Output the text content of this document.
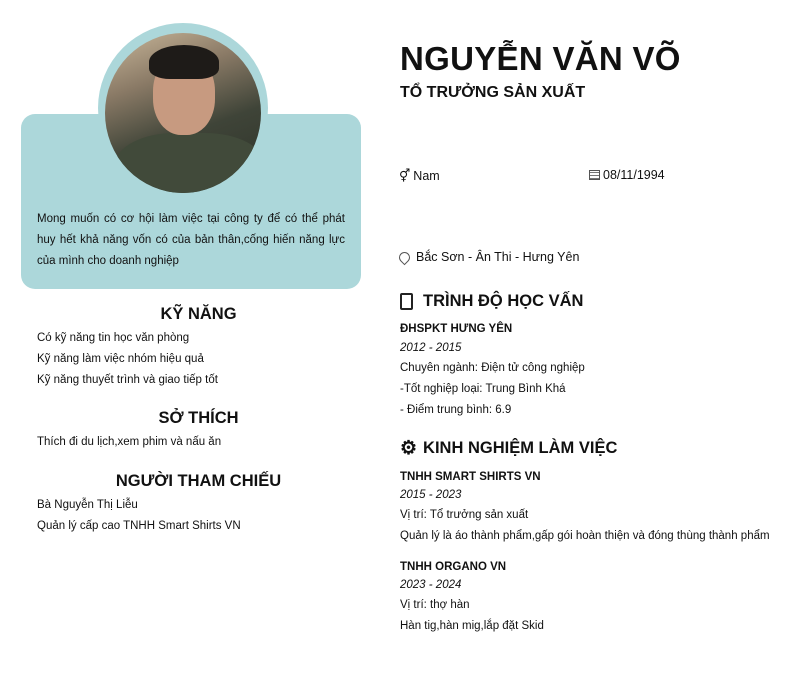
Mong muốn có cơ hội làm việc tại công ty để có thể phát huy hết khả năng vốn có của bản thân,cống hiến năng lực của mình cho doanh nghiệp
KỸ NĂNG
Có kỹ năng tin học văn phòng
Kỹ năng làm việc nhóm hiệu quả
Kỹ năng thuyết trình và giao tiếp tốt
SỞ THÍCH
Thích đi du lịch,xem phim và nấu ăn
NGƯỜI THAM CHIẾU
Bà Nguyễn Thị Liễu
Quản lý cấp cao TNHH Smart Shirts VN
NGUYỄN VĂN VÕ
TỔ TRƯỞNG SẢN XUẤT
⚥ Nam	08/11/1994
Bắc Sơn - Ân Thi - Hưng Yên
TRÌNH ĐỘ HỌC VẤN
ĐHSPKT HƯNG YÊN
2012 - 2015
Chuyên ngành: Điện tử công nghiệp
-Tốt nghiệp loại: Trung Bình Khá
- Điểm trung bình: 6.9
⚙ KINH NGHIỆM LÀM VIỆC
TNHH SMART SHIRTS VN
2015 - 2023
Vị trí: Tổ trưởng sản xuất
Quản lý là áo thành phẩm,gấp gói hoàn thiện và đóng thùng thành phẩm
TNHH ORGANO VN
2023 - 2024
Vị trí: thợ hàn
Hàn tig,hàn mig,lắp đặt Skid
